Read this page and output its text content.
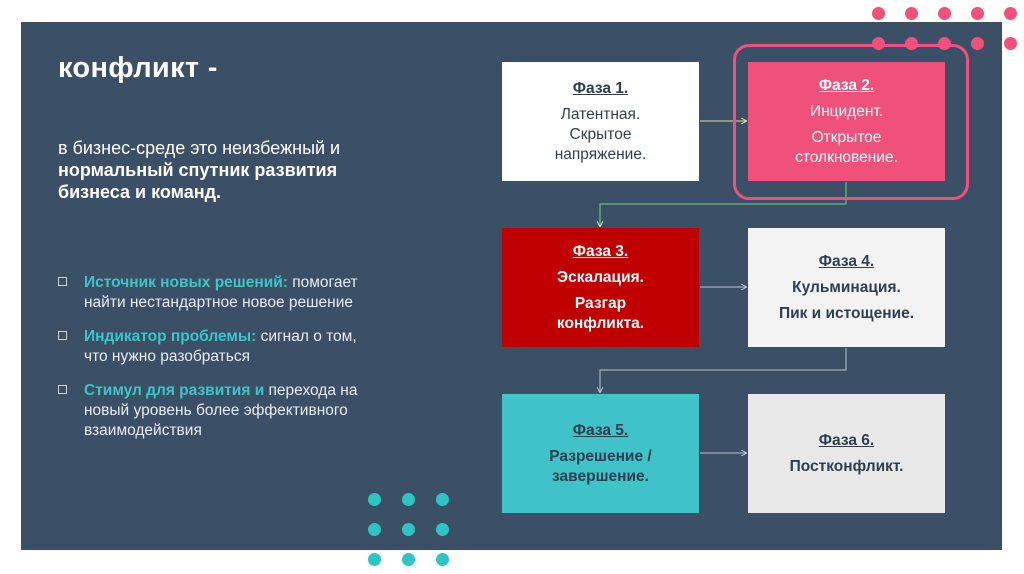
конфликт -
в бизнес-среде это неизбежный и нормальный спутник развития бизнеса и команд.
Источник новых решений: помогает найти нестандартное новое решение
Индикатор проблемы: сигнал о том, что нужно разобраться
Стимул для развития и перехода на новый уровень более эффективного взаимодействия
Фаза 1.
Латентная.
Скрытое
напряжение.
Фаза 2.
Инцидент.
Открытое
столкновение.
Фаза 3.
Эскалация.
Разгар
конфликта.
Фаза 4.
Кульминация.
Пик и истощение.
Фаза 5.
Разрешение /
завершение.
Фаза 6.
Постконфликт.
